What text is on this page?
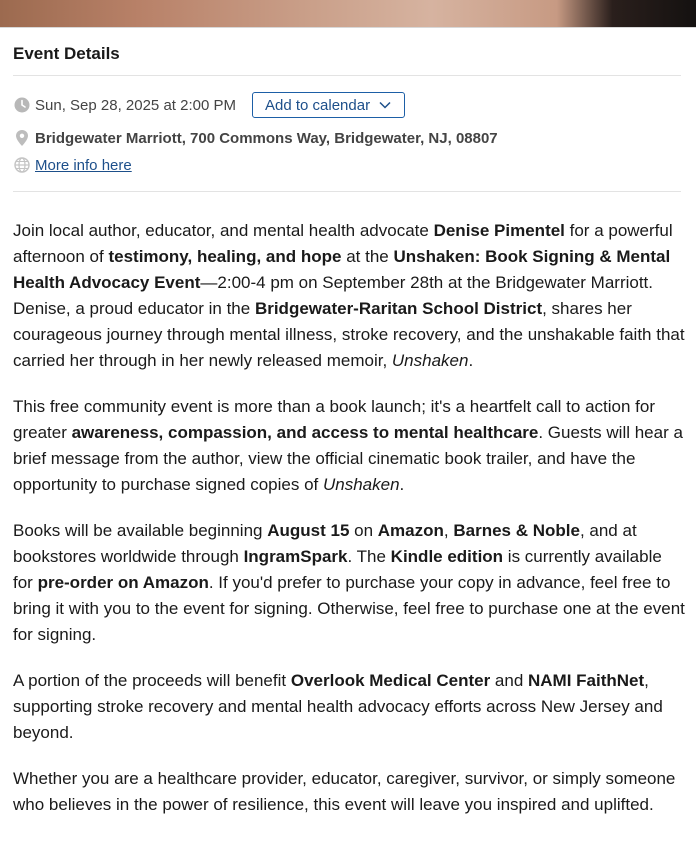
Event Details
Sun, Sep 28, 2025 at 2:00 PM Add to calendar
Bridgewater Marriott, 700 Commons Way, Bridgewater, NJ, 08807
More info here

Join local author, educator, and mental health advocate Denise Pimentel for a powerful afternoon of testimony, healing, and hope at the Unshaken: Book Signing & Mental Health Advocacy Event—2:00-4 pm on September 28th at the Bridgewater Marriott. Denise, a proud educator in the Bridgewater-Raritan School District, shares her courageous journey through mental illness, stroke recovery, and the unshakable faith that carried her through in her newly released memoir, Unshaken.

This free community event is more than a book launch; it's a heartfelt call to action for greater awareness, compassion, and access to mental healthcare. Guests will hear a brief message from the author, view the official cinematic book trailer, and have the opportunity to purchase signed copies of Unshaken.

Books will be available beginning August 15 on Amazon, Barnes & Noble, and at bookstores worldwide through IngramSpark. The Kindle edition is currently available for pre-order on Amazon. If you'd prefer to purchase your copy in advance, feel free to bring it with you to the event for signing. Otherwise, feel free to purchase one at the event for signing.

A portion of the proceeds will benefit Overlook Medical Center and NAMI FaithNet, supporting stroke recovery and mental health advocacy efforts across New Jersey and beyond.

Whether you are a healthcare provider, educator, caregiver, survivor, or simply someone who believes in the power of resilience, this event will leave you inspired and uplifted.
